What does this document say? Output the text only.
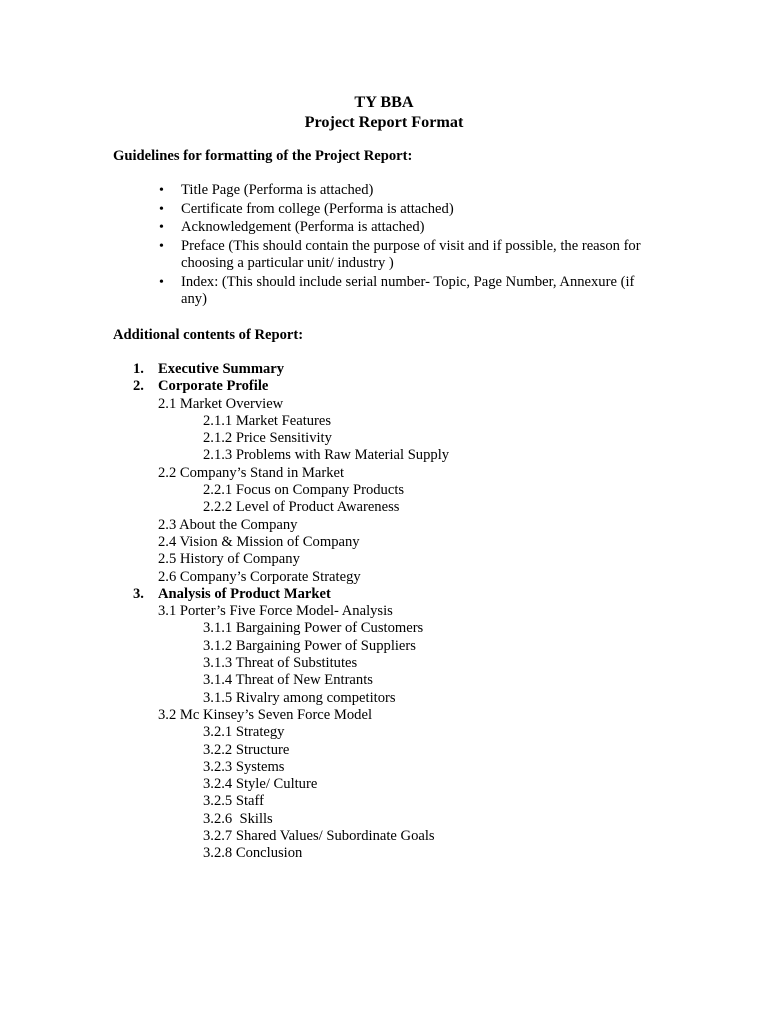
TY BBA
Project Report Format
Guidelines for formatting of the Project Report:
• Title Page (Performa is attached)
• Certificate from college (Performa is attached)
• Acknowledgement (Performa is attached)
• Preface (This should contain the purpose of visit and if possible, the reason for choosing a particular unit/ industry )
• Index: (This should include serial number- Topic, Page Number, Annexure (if any)
Additional contents of Report:
1. Executive Summary
2. Corporate Profile
2.1 Market Overview
2.1.1 Market Features
2.1.2 Price Sensitivity
2.1.3 Problems with Raw Material Supply
2.2 Company’s Stand in Market
2.2.1 Focus on Company Products
2.2.2 Level of Product Awareness
2.3 About the Company
2.4 Vision & Mission of Company
2.5 History of Company
2.6 Company’s Corporate Strategy
3. Analysis of Product Market
3.1 Porter’s Five Force Model- Analysis
3.1.1 Bargaining Power of Customers
3.1.2 Bargaining Power of Suppliers
3.1.3 Threat of Substitutes
3.1.4 Threat of New Entrants
3.1.5 Rivalry among competitors
3.2 Mc Kinsey’s Seven Force Model
3.2.1 Strategy
3.2.2 Structure
3.2.3 Systems
3.2.4 Style/ Culture
3.2.5 Staff
3.2.6  Skills
3.2.7 Shared Values/ Subordinate Goals
3.2.8 Conclusion
